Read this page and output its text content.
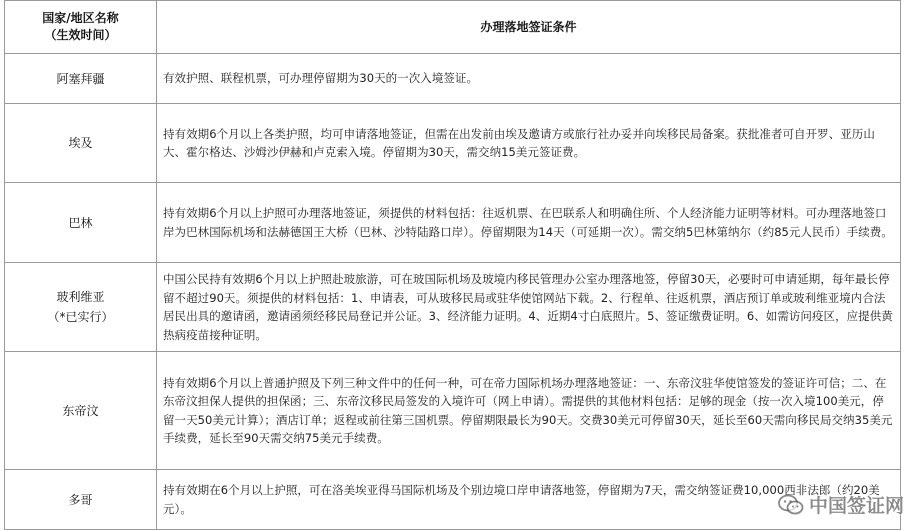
国家/地区名称
（生效时间）	办理落地签证条件

阿塞拜疆	有效护照、联程机票，可办理停留期为30天的一次入境签证。

埃及	持有效期6个月以上各类护照，均可申请落地签证，但需在出发前由埃及邀请方或旅行社办妥并向埃移民局备案。获批准者可自开罗、亚历山大、霍尔格达、沙姆沙伊赫和卢克索入境。停留期为30天，需交纳15美元签证费。

巴林	持有效期6个月以上护照可办理落地签证，须提供的材料包括：往返机票、在巴联系人和明确住所、个人经济能力证明等材料。可办理落地签口岸为巴林国际机场和法赫德国王大桥（巴林、沙特陆路口岸）。停留期限为14天（可延期一次）。需交纳5巴林第纳尔（约85元人民币）手续费。

玻利维亚
（*已实行）	中国公民持有效期6个月以上护照赴玻旅游，可在玻国际机场及玻境内移民管理办公室办理落地签，停留30天，必要时可申请延期，每年最长停留不超过90天。须提供的材料包括：1、申请表，可从玻移民局或驻华使馆网站下载。2、行程单、往返机票，酒店预订单或玻利维亚境内合法居民出具的邀请函，邀请函须经移民局登记并公证。3、经济能力证明。4、近期4寸白底照片。5、签证缴费证明。6、如需访问疫区，应提供黄热病疫苗接种证明。

东帝汶	持有效期6个月以上普通护照及下列三种文件中的任何一种，可在帝力国际机场办理落地签证：一、东帝汶驻华使馆签发的签证许可信；二、在东帝汶担保人提供的担保函；三、东帝汶移民局签发的入境许可（网上申请）。需提供的其他材料包括：足够的现金（按一次入境100美元，停留一天50美元计算）；酒店订单；返程或前往第三国机票。停留期限最长为90天。交费30美元可停留30天，延长至60天需向移民局交纳35美元手续费，延长至90天需交纳75美元手续费。

多哥	持有效期在6个月以上护照，可在洛美埃亚得马国际机场及个别边境口岸申请落地签，停留期为7天，需交纳签证费10,000西非法郎（约20美元）。	中国签证网
